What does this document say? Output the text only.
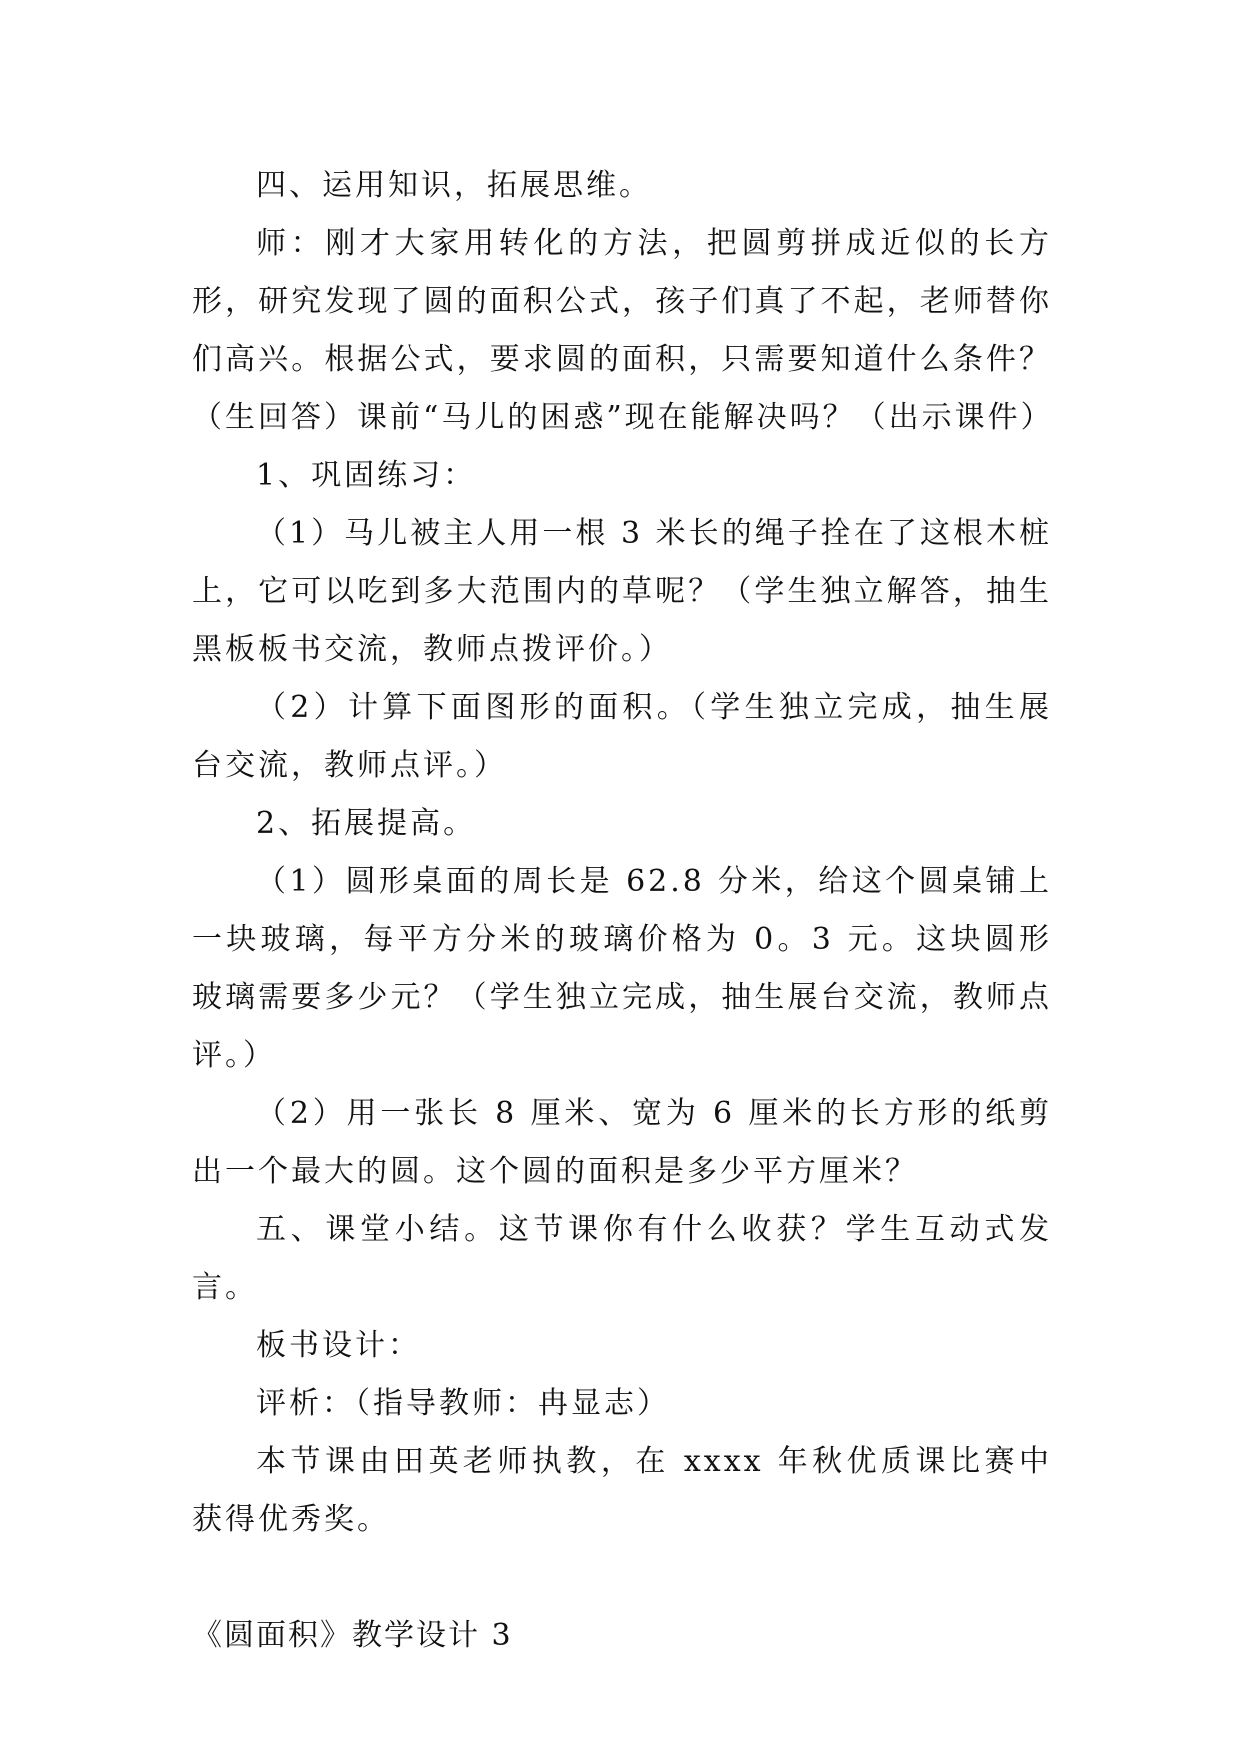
四、运用知识，拓展思维。

师：刚才大家用转化的方法，把圆剪拼成近似的长方形，研究发现了圆的面积公式，孩子们真了不起，老师替你们高兴。根据公式，要求圆的面积，只需要知道什么条件？（生回答）课前“马儿的困惑”现在能解决吗？（出示课件）

1、巩固练习：

（1）马儿被主人用一根 3 米长的绳子拴在了这根木桩上，它可以吃到多大范围内的草呢？（学生独立解答，抽生黑板板书交流，教师点拨评价。）

（2）计算下面图形的面积。（学生独立完成，抽生展台交流，教师点评。）

2、拓展提高。

（1）圆形桌面的周长是 62.8 分米，给这个圆桌铺上一块玻璃，每平方分米的玻璃价格为 0。3 元。这块圆形玻璃需要多少元？（学生独立完成，抽生展台交流，教师点评。）

（2）用一张长 8 厘米、宽为 6 厘米的长方形的纸剪出一个最大的圆。这个圆的面积是多少平方厘米？

五、课堂小结。这节课你有什么收获？学生互动式发言。

板书设计：

评析：（指导教师：冉显志）

本节课由田英老师执教，在 xxxx 年秋优质课比赛中获得优秀奖。

《圆面积》教学设计 3
